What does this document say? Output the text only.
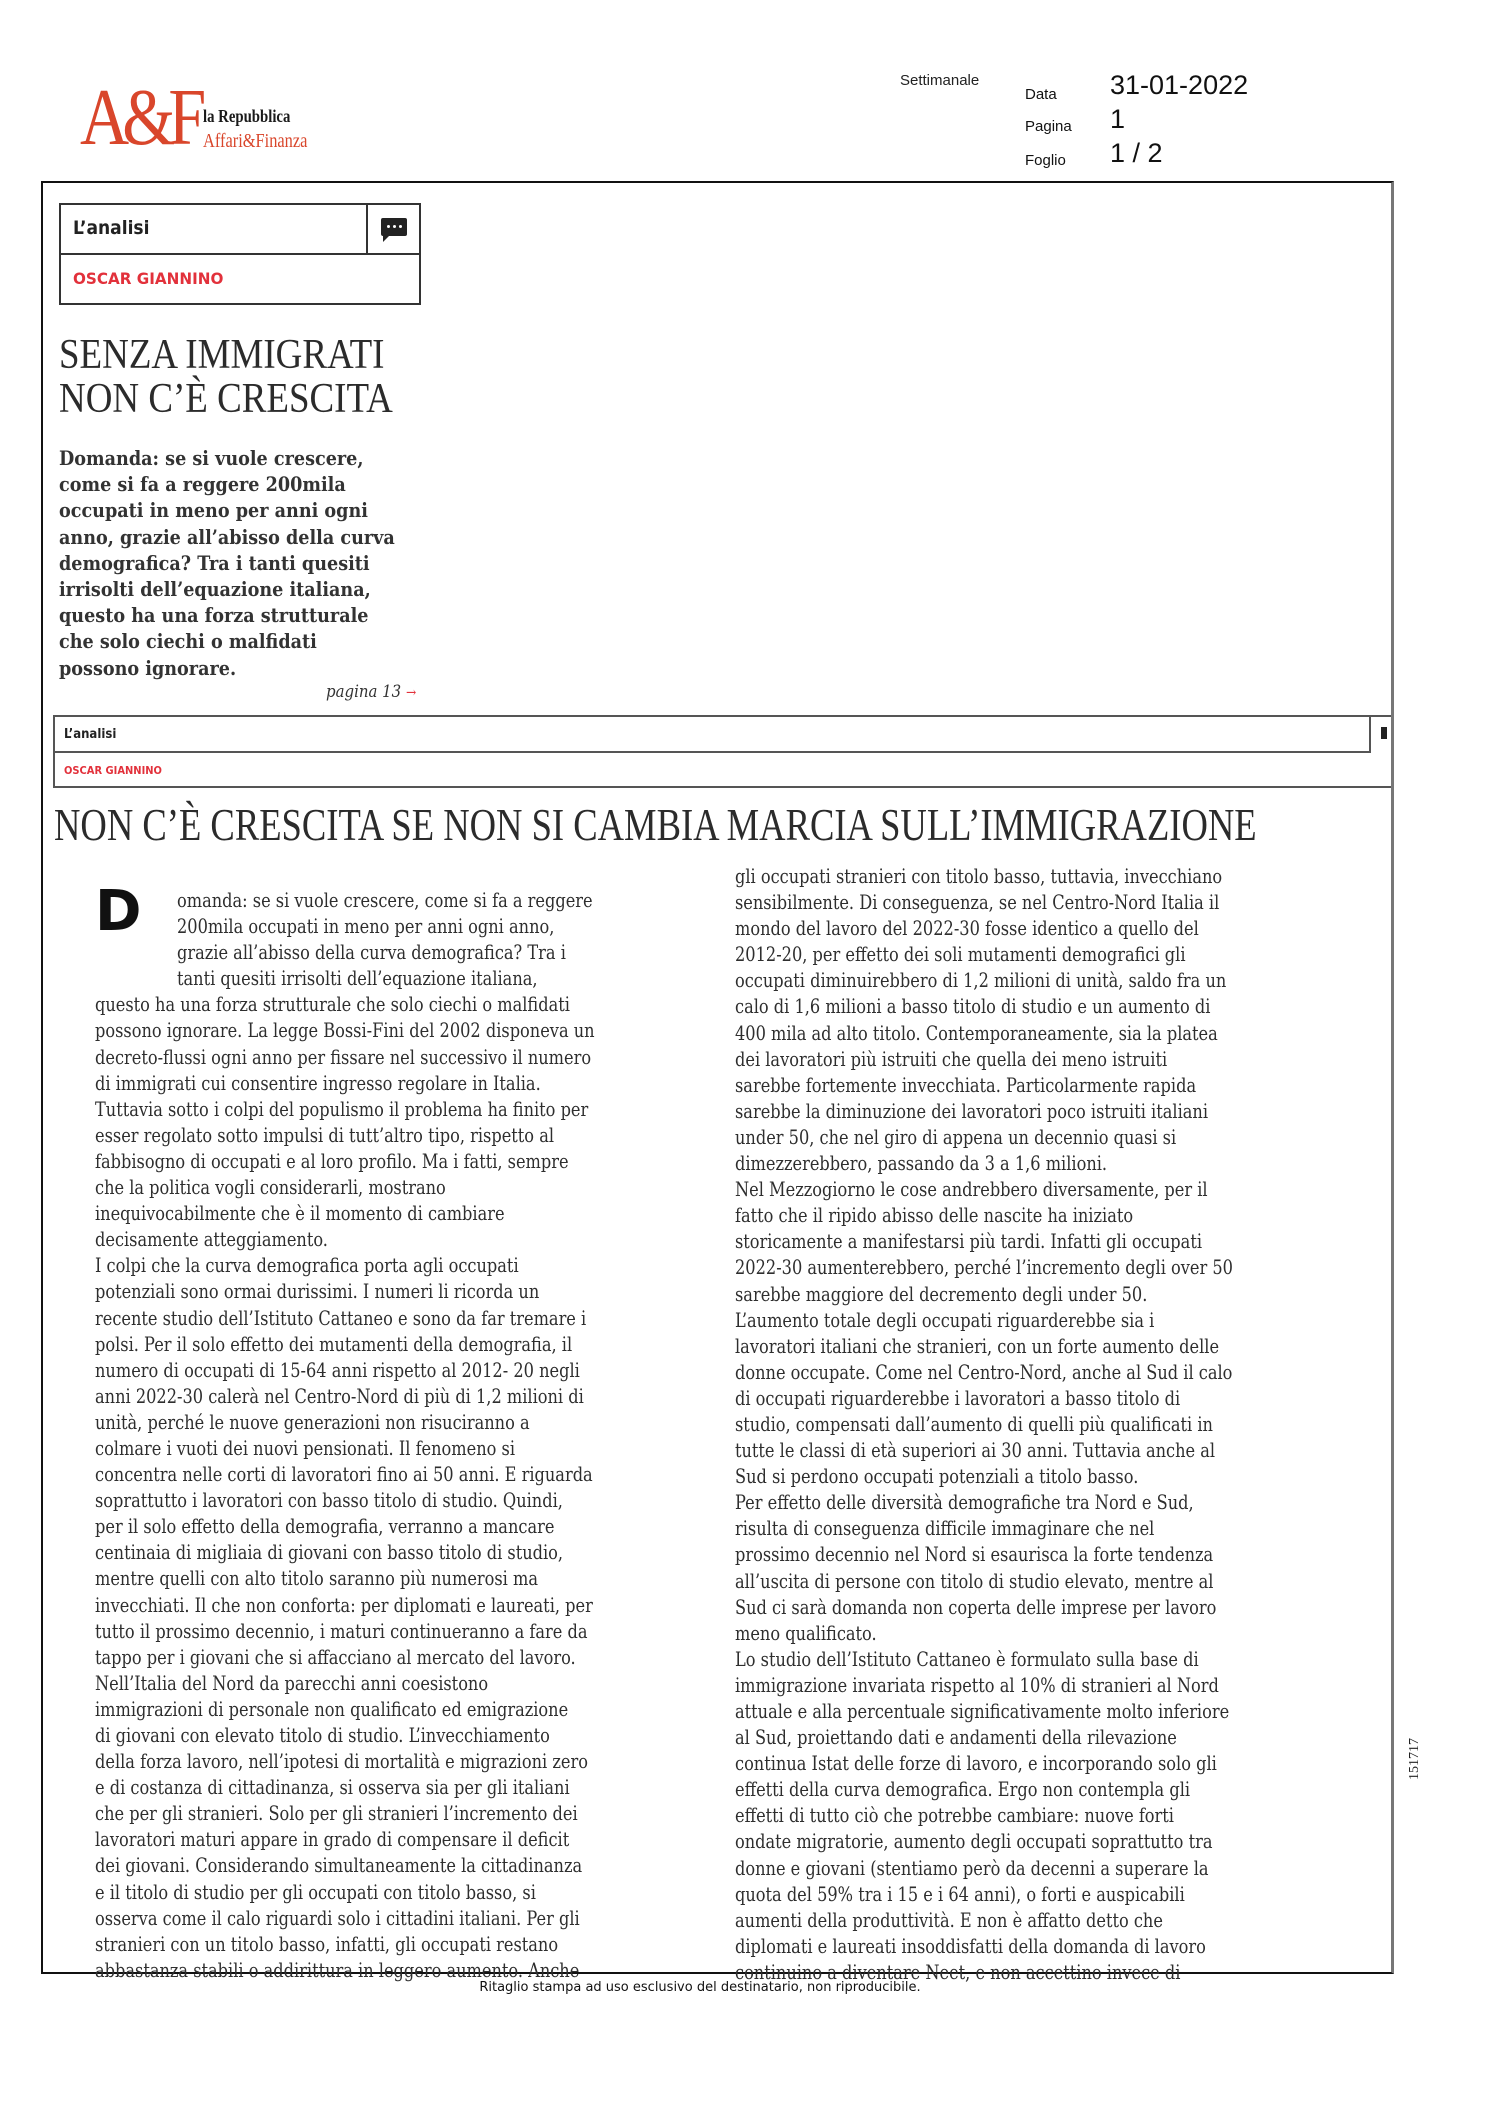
A&F la Repubblica
Affari&Finanza
Settimanale
Data 31-01-2022
Pagina 1
Foglio 1 / 2
L’analisi
OSCAR GIANNINO
SENZA IMMIGRATI
NON C’È CRESCITA
Domanda: se si vuole crescere,
come si fa a reggere 200mila
occupati in meno per anni ogni
anno, grazie all’abisso della curva
demografica? Tra i tanti quesiti
irrisolti dell’equazione italiana,
questo ha una forza strutturale
che solo ciechi o malfidati
possono ignorare.
pagina 13 →
L’analisi
OSCAR GIANNINO
NON C’È CRESCITA SE NON SI CAMBIA MARCIA SULL’IMMIGRAZIONE
D omanda: se si vuole crescere, come si fa a reggere
200mila occupati in meno per anni ogni anno,
grazie all’abisso della curva demografica? Tra i
tanti quesiti irrisolti dell’equazione italiana,
questo ha una forza strutturale che solo ciechi o malfidati
possono ignorare. La legge Bossi-Fini del 2002 disponeva un
decreto-flussi ogni anno per fissare nel successivo il numero
di immigrati cui consentire ingresso regolare in Italia.
Tuttavia sotto i colpi del populismo il problema ha finito per
esser regolato sotto impulsi di tutt’altro tipo, rispetto al
fabbisogno di occupati e al loro profilo. Ma i fatti, sempre
che la politica vogli considerarli, mostrano
inequivocabilmente che è il momento di cambiare
decisamente atteggiamento.
I colpi che la curva demografica porta agli occupati
potenziali sono ormai durissimi. I numeri li ricorda un
recente studio dell’Istituto Cattaneo e sono da far tremare i
polsi. Per il solo effetto dei mutamenti della demografia, il
numero di occupati di 15-64 anni rispetto al 2012- 20 negli
anni 2022-30 calerà nel Centro-Nord di più di 1,2 milioni di
unità, perché le nuove generazioni non risuciranno a
colmare i vuoti dei nuovi pensionati. Il fenomeno si
concentra nelle corti di lavoratori fino ai 50 anni. E riguarda
soprattutto i lavoratori con basso titolo di studio. Quindi,
per il solo effetto della demografia, verranno a mancare
centinaia di migliaia di giovani con basso titolo di studio,
mentre quelli con alto titolo saranno più numerosi ma
invecchiati. Il che non conforta: per diplomati e laureati, per
tutto il prossimo decennio, i maturi continueranno a fare da
tappo per i giovani che si affacciano al mercato del lavoro.
Nell’Italia del Nord da parecchi anni coesistono
immigrazioni di personale non qualificato ed emigrazione
di giovani con elevato titolo di studio. L’invecchiamento
della forza lavoro, nell’ipotesi di mortalità e migrazioni zero
e di costanza di cittadinanza, si osserva sia per gli italiani
che per gli stranieri. Solo per gli stranieri l’incremento dei
lavoratori maturi appare in grado di compensare il deficit
dei giovani. Considerando simultaneamente la cittadinanza
e il titolo di studio per gli occupati con titolo basso, si
osserva come il calo riguardi solo i cittadini italiani. Per gli
stranieri con un titolo basso, infatti, gli occupati restano
abbastanza stabili o addirittura in leggero aumento. Anche
gli occupati stranieri con titolo basso, tuttavia, invecchiano
sensibilmente. Di conseguenza, se nel Centro-Nord Italia il
mondo del lavoro del 2022-30 fosse identico a quello del
2012-20, per effetto dei soli mutamenti demografici gli
occupati diminuirebbero di 1,2 milioni di unità, saldo fra un
calo di 1,6 milioni a basso titolo di studio e un aumento di
400 mila ad alto titolo. Contemporaneamente, sia la platea
dei lavoratori più istruiti che quella dei meno istruiti
sarebbe fortemente invecchiata. Particolarmente rapida
sarebbe la diminuzione dei lavoratori poco istruiti italiani
under 50, che nel giro di appena un decennio quasi si
dimezzerebbero, passando da 3 a 1,6 milioni.
Nel Mezzogiorno le cose andrebbero diversamente, per il
fatto che il ripido abisso delle nascite ha iniziato
storicamente a manifestarsi più tardi. Infatti gli occupati
2022-30 aumenterebbero, perché l’incremento degli over 50
sarebbe maggiore del decremento degli under 50.
L’aumento totale degli occupati riguarderebbe sia i
lavoratori italiani che stranieri, con un forte aumento delle
donne occupate. Come nel Centro-Nord, anche al Sud il calo
di occupati riguarderebbe i lavoratori a basso titolo di
studio, compensati dall’aumento di quelli più qualificati in
tutte le classi di età superiori ai 30 anni. Tuttavia anche al
Sud si perdono occupati potenziali a titolo basso.
Per effetto delle diversità demografiche tra Nord e Sud,
risulta di conseguenza difficile immaginare che nel
prossimo decennio nel Nord si esaurisca la forte tendenza
all’uscita di persone con titolo di studio elevato, mentre al
Sud ci sarà domanda non coperta delle imprese per lavoro
meno qualificato.
Lo studio dell’Istituto Cattaneo è formulato sulla base di
immigrazione invariata rispetto al 10% di stranieri al Nord
attuale e alla percentuale significativamente molto inferiore
al Sud, proiettando dati e andamenti della rilevazione
continua Istat delle forze di lavoro, e incorporando solo gli
effetti della curva demografica. Ergo non contempla gli
effetti di tutto ciò che potrebbe cambiare: nuove forti
ondate migratorie, aumento degli occupati soprattutto tra
donne e giovani (stentiamo però da decenni a superare la
quota del 59% tra i 15 e i 64 anni), o forti e auspicabili
aumenti della produttività. E non è affatto detto che
diplomati e laureati insoddisfatti della domanda di lavoro
continuino a diventare Neet, e non accettino invece di
151717
Ritaglio stampa ad uso esclusivo del destinatario, non riproducibile.
